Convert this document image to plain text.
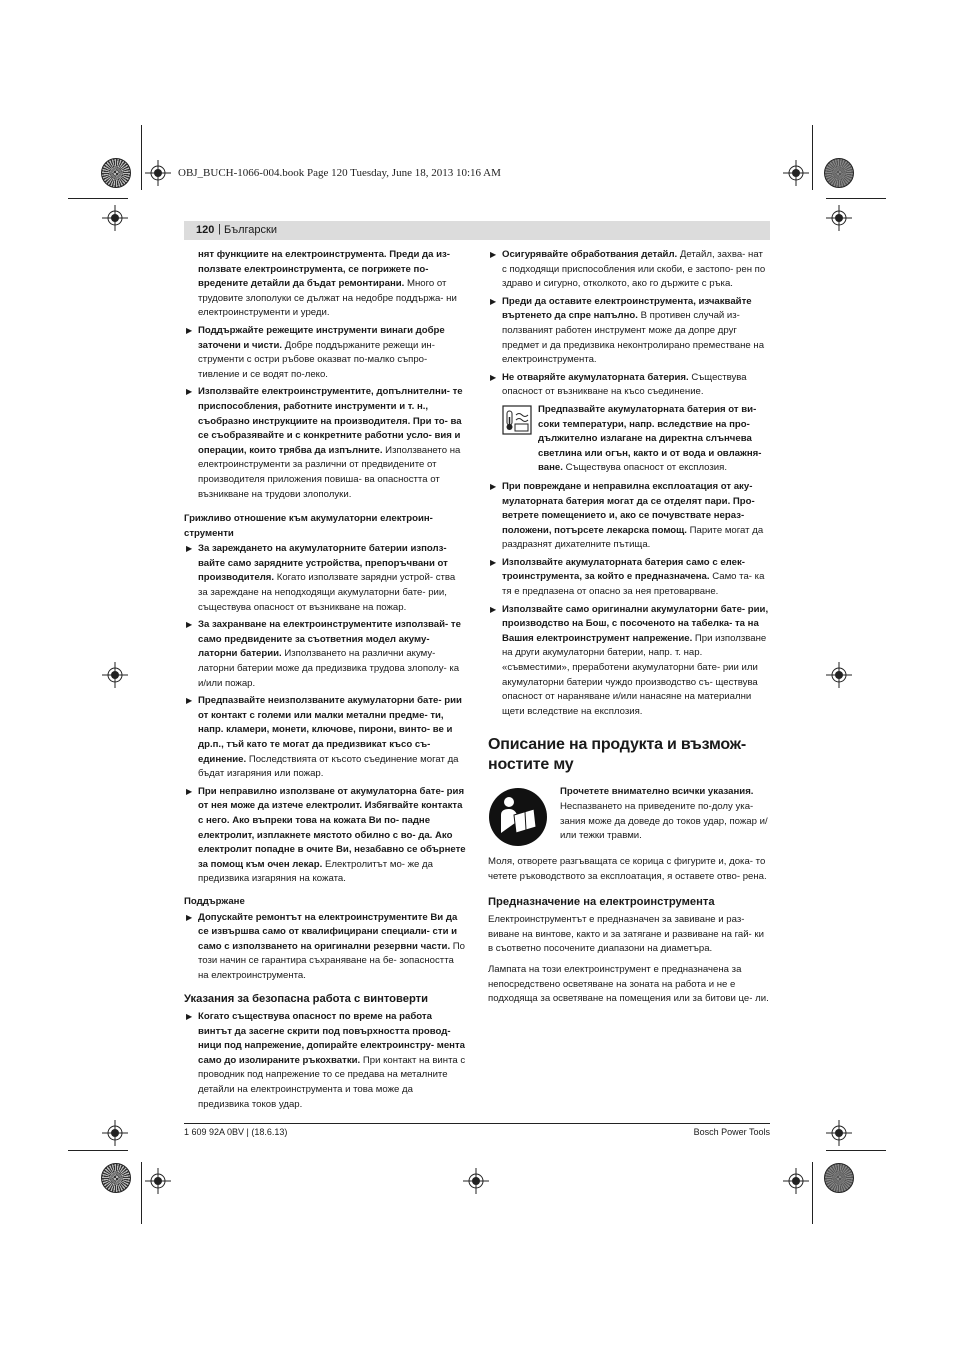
OBJ_BUCH-1066-004.book Page 120 Tuesday, June 18, 2013 10:16 AM
120 | Български
нят функциите на електроинструмента. Преди да из- ползвате електроинструмента, се погрижете по- вредените детайли да бъдат ремонтирани. Много от трудовите злополуки се дължат на недобре поддържа- ни електроинструменти и уреди.
▶ Поддържайте режещите инструменти винаги добре заточени и чисти. Добре поддържаните режещи ин- струменти с остри ръбове оказват по-малко съпро- тивление и се водят по-леко.
▶ Използвайте електроинструментите, допълнителни- те приспособления, работните инструменти и т. н., съобразно инструкциите на производителя. При то- ва се съобразявайте и с конкретните работни усло- вия и операции, които трябва да изпълните. Използването на електроинструменти за различни от предвидените от производителя приложения повиша- ва опасността от възникване на трудови злополуки.
Грижливо отношение към акумулаторни електроин- струменти
▶ За зареждането на акумулаторните батерии използ- вайте само зарядните устройства, препоръчвани от производителя. Когато използвате зарядни устрой- ства за зареждане на неподходящи акумулаторни бате- рии, съществува опасност от възникване на пожар.
▶ За захранване на електроинструментите използвай- те само предвидените за съответния модел акуму- латорни батерии. Използването на различни акуму- латорни батерии може да предизвика трудова злополу- ка и/или пожар.
▶ Предпазвайте неизползваните акумулаторни бате- рии от контакт с големи или малки метални предме- ти, напр. кламери, монети, ключове, пирони, винто- ве и др.п., тъй като те могат да предизвикат късо съ- единение. Последствията от късото съединение могат да бъдат изгаряния или пожар.
▶ При неправилно използване от акумулаторна бате- рия от нея може да изтече електролит. Избягвайте контакта с него. Ако въпреки това на кожата Ви по- падне електролит, изплакнете мястото обилно с во- да. Ако електролит попадне в очите Ви, незабавно се обърнете за помощ към очен лекар. Електролитът мо- же да предизвика изгаряния на кожата.
Поддържане
▶ Допускайте ремонтът на електроинструментите Ви да се извършва само от квалифицирани специали- сти и само с използването на оригинални резервни части. По този начин се гарантира съхраняване на бе- зопасността на електроинструмента.
Указания за безопасна работа с винтоверти
▶ Когато съществува опасност по време на работа винтът да засегне скрити под повърхността провод- ници под напрежение, допирайте електроинстру- мента само до изолираните ръкохватки. При контакт на винта с проводник под напрежение то се предава на металните детайли на електроинструмента и това може да предизвика токов удар.
▶ Осигурявайте обработвания детайл. Детайл, захва- нат с подходящи приспособления или скоби, е застопо- рен по здраво и сигурно, отколкото, ако го държите с ръка.
▶ Преди да оставите електроинструмента, изчаквайте въртенето да спре напълно. В противен случай из- ползваният работен инструмент може да допре друг предмет и да предизвика неконтролирано преместване на електроинструмента.
▶ Не отваряйте акумулаторната батерия. Съществува опасност от възникване на късо съединение.
Предпазвайте акумулаторната батерия от ви- соки температури, напр. вследствие на про- дължително излагане на директна слънчева светлина или огън, както и от вода и овлажня- ване. Съществува опасност от експлозия.
▶ При повреждане и неправилна експлоатация от аку- мулаторната батерия могат да се отделят пари. Про- ветрете помещението и, ако се почувствате нераз- положени, потърсете лекарска помощ. Парите могат да раздразнят дихателните пътища.
▶ Използвайте акумулаторната батерия само с елек- троинструмента, за който е предназначена. Само та- ка тя е предпазена от опасно за нея претоварване.
▶ Използвайте само оригинални акумулаторни бате- рии, производство на Бош, с посоченото на табелка- та на Вашия електроинструмент напрежение. При използване на други акумулаторни батерии, напр. т. нар. «съвместими», преработени акумулаторни бате- рии или акумулаторни батерии чуждо производство съ- ществува опасност от нараняване и/или нанасяне на материални щети вследствие на експлозия.
Описание на продукта и възмож- ностите му
Прочетете внимателно всички указания. Неспазването на приведените по-долу ука- зания може да доведе до токов удар, пожар и/или тежки травми.
Моля, отворете разгъващата се корица с фигурите и, дока- то четете ръководството за експлоатация, я оставете отво- рена.
Предназначение на електроинструмента
Електроинструментът е предназначен за завиване и раз- виване на винтове, както и за затягане и развиване на гай- ки в съответно посочените диапазони на диаметъра.
Лампата на този електроинструмент е предназначена за непосредствено осветяване на зоната на работа и не е подходяща за осветяване на помещения или за битови це- ли.
1 609 92A 0BV | (18.6.13)	Bosch Power Tools
